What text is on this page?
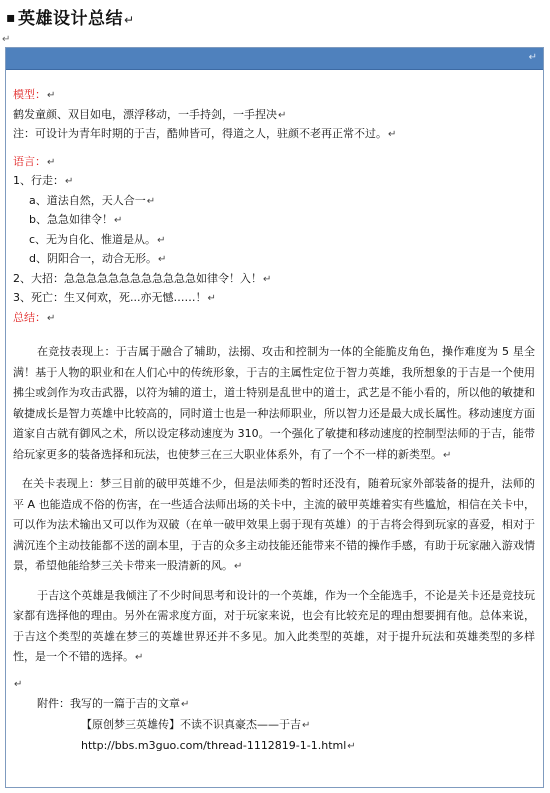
▪ 英雄设计总结↵
↵
↵
模型：↵
鹤发童颜、双目如电，漂浮移动，一手持剑，一手捏决↵
注：可设计为青年时期的于吉，酷帅皆可，得道之人，驻颜不老再正常不过。↵
语言：↵
1、行走：↵
a、道法自然，天人合一↵
b、急急如律令！↵
c、无为自化、惟道是从。↵
d、阴阳合一，动合无形。↵
2、大招：急急急急急急急急急急急急如律令！入！↵
3、死亡：生又何欢，死...亦无憾……！↵
总结：↵
在竞技表现上：于吉属于融合了辅助，法搦、攻击和控制为一体的全能脆皮角色，操作难度为 5 星全满！基于人物的职业和在人们心中的传统形象，于吉的主属性定位于智力英雄，我所想象的于吉是一个使用拂尘或剑作为攻击武器，以符为辅的道士，道士特别是乱世中的道士，武艺是不能小看的，所以他的敏捷和敏捷成长是智力英雄中比较高的，同时道士也是一种法师职业，所以智力还是最大成长属性。移动速度方面道家自古就有御风之术，所以设定移动速度为 310。一个强化了敏捷和移动速度的控制型法师的于吉，能带给玩家更多的装备选择和玩法，也使梦三在三大职业体系外，有了一个不一样的新类型。↵
在关卡表现上：梦三目前的破甲英雄不少，但是法师类的暂时还没有，随着玩家外部装备的提升，法师的平 A 也能造成不俗的伤害，在一些适合法师出场的关卡中，主流的破甲英雄着实有些尴尬，相信在关卡中，可以作为法术输出又可以作为双破（在单一破甲效果上弱于现有英雄）的于吉将会得到玩家的喜爱，相对于满沉连个主动技能都不送的副本里，于吉的众多主动技能还能带来不错的操作手感，有助于玩家融入游戏情景，希望他能给梦三关卡带来一股清新的风。↵
于吉这个英雄是我倾注了不少时间思考和设计的一个英雄，作为一个全能选手，不论是关卡还是竞技玩家都有选择他的理由。另外在需求度方面，对于玩家来说，也会有比较充足的理由想要拥有他。总体来说，于吉这个类型的英雄在梦三的英雄世界还并不多见。加入此类型的英雄，对于提升玩法和英雄类型的多样性，是一个不错的选择。↵
↵
附件：我写的一篇于吉的文章↵
【原创梦三英雄传】不读不识真豪杰——于吉↵
http://bbs.m3guo.com/thread-1112819-1-1.html↵
